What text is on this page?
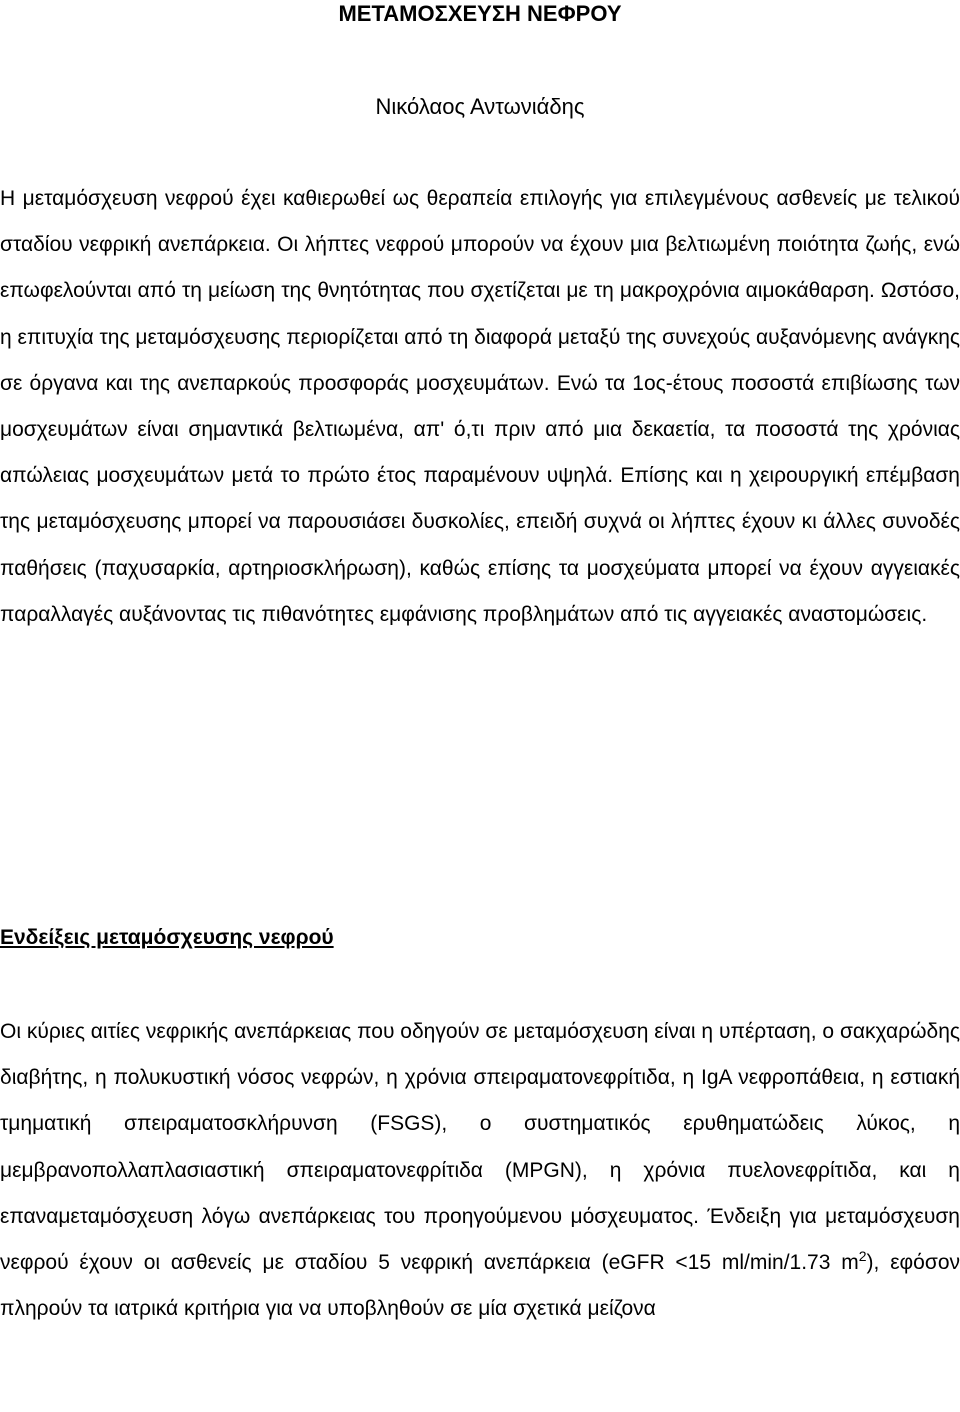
ΜΕΤΑΜΟΣΧΕΥΣΗ ΝΕΦΡΟΥ
Νικόλαος Αντωνιάδης

Η μεταμόσχευση νεφρού έχει καθιερωθεί ως θεραπεία επιλογής για επιλεγμένους ασθενείς με τελικού σταδίου νεφρική ανεπάρκεια. Οι λήπτες νεφρού μπορούν να έχουν μια βελτιωμένη ποιότητα ζωής, ενώ επωφελούνται από τη μείωση της θνητότητας που σχετίζεται με τη μακροχρόνια αιμοκάθαρση. Ωστόσο, η επιτυχία της μεταμόσχευσης περιορίζεται από τη διαφορά μεταξύ της συνεχούς αυξανόμενης ανάγκης σε όργανα και της ανεπαρκούς προσφοράς μοσχευμάτων. Ενώ τα 1ος-έτους ποσοστά επιβίωσης των μοσχευμάτων είναι σημαντικά βελτιωμένα, απ' ό,τι πριν από μια δεκαετία, τα ποσοστά της χρόνιας απώλειας μοσχευμάτων μετά το πρώτο έτος παραμένουν υψηλά. Επίσης και η χειρουργική επέμβαση της μεταμόσχευσης μπορεί να παρουσιάσει δυσκολίες, επειδή συχνά οι λήπτες έχουν κι άλλες συνοδές παθήσεις (παχυσαρκία, αρτηριοσκλήρωση), καθώς επίσης τα μοσχεύματα μπορεί να έχουν αγγειακές παραλλαγές αυξάνοντας τις πιθανότητες εμφάνισης προβλημάτων από τις αγγειακές αναστομώσεις.

Ενδείξεις μεταμόσχευσης νεφρού

Οι κύριες αιτίες νεφρικής ανεπάρκειας που οδηγούν σε μεταμόσχευση είναι η υπέρταση, ο σακχαρώδης διαβήτης, η πολυκυστική νόσος νεφρών, η χρόνια σπειραματονεφρίτιδα, η IgA νεφροπάθεια, η εστιακή τμηματική σπειραματοσκλήρυνση (FSGS), ο συστηματικός ερυθηματώδεις λύκος, η μεμβρανοπολλαπλασιαστική σπειραματονεφρίτιδα (MPGN), η χρόνια πυελονεφρίτιδα, και η επαναμεταμόσχευση λόγω ανεπάρκειας του προηγούμενου μόσχευματος. Ένδειξη για μεταμόσχευση νεφρού έχουν οι ασθενείς με σταδίου 5 νεφρική ανεπάρκεια (eGFR <15 ml/min/1.73 $m^2$), εφόσον πληρούν τα ιατρικά κριτήρια για να υποβληθούν σε μία σχετικά μείζονα
